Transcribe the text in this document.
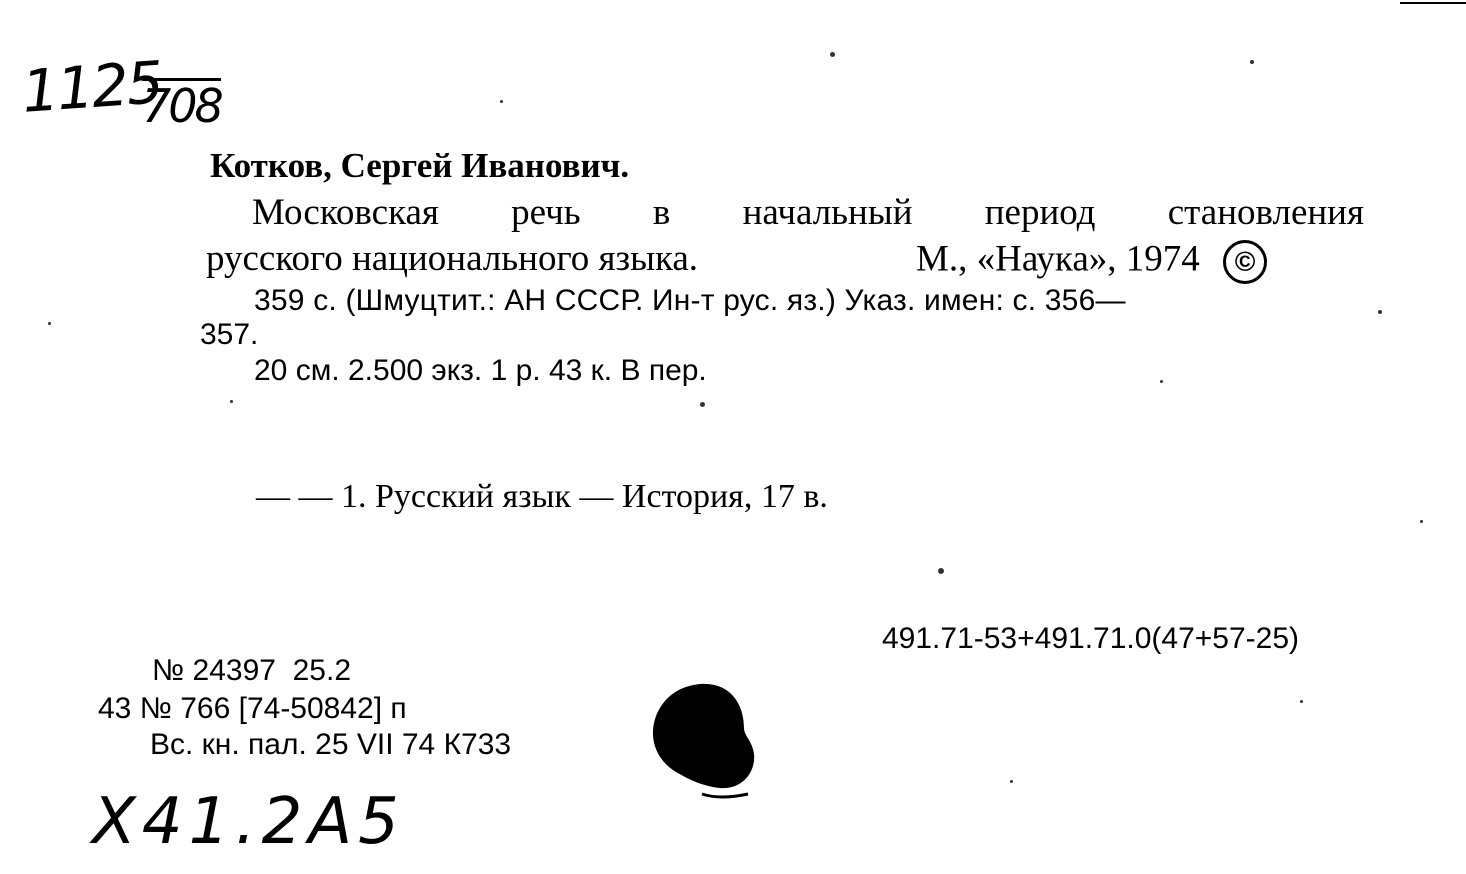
1125
708
Котков, Сергей Иванович.
Московская речь в начальный период становления
русского национального языка.	М., «Наука», 1974 ©
359 с. (Шмуцтит.: АН СССР. Ин-т рус. яз.) Указ. имен: с. 356—
357.
20 см. 2.500 экз. 1 р. 43 к. В пер.
— — 1. Русский язык — История, 17 в.
491.71-53+491.71.0(47+57-25)
№ 24397  25.2
43 № 766 [74-50842] п
Вс. кн. пал. 25 VII 74 К733
X41.2A5
